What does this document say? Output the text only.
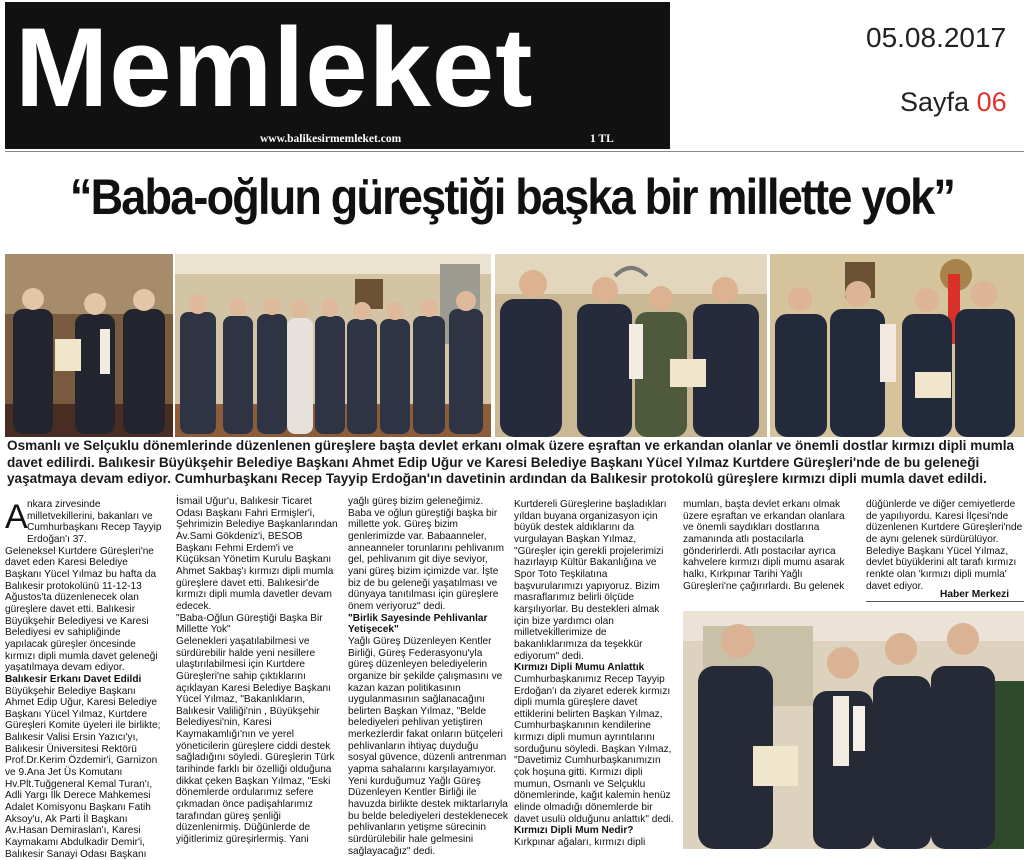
Memleket
www.balikesirmemleket.com	1 TL
05.08.2017
Sayfa 06
“Baba-oğlun güreştiği başka bir millette yok”
Osmanlı ve Selçuklu dönemlerinde düzenlenen güreşlere başta devlet erkanı olmak üzere eşraftan ve erkandan olanlar ve önemli dostlar kırmızı dipli mumla davet edilirdi. Balıkesir Büyükşehir Belediye Başkanı Ahmet Edip Uğur ve Karesi Belediye Başkanı Yücel Yılmaz Kurtdere Güreşleri'nde de bu geleneği yaşatmaya devam ediyor. Cumhurbaşkanı Recep Tayyip Erdoğan'ın davetinin ardından da Balıkesir protokolü güreşlere kırmızı dipli mumla davet edildi.
A nkara zirvesinde milletvekillerini, bakanları ve Cumhurbaşkanı Recep Tayyip Erdoğan'ı 37.
Geleneksel Kurtdere Güreşleri'ne davet eden Karesi Belediye Başkanı Yücel Yılmaz bu hafta da Balıkesir protokolünü 11-12-13 Ağustos'ta düzenlenecek olan güreşlere davet etti. Balıkesir Büyükşehir Belediyesi ve Karesi Belediyesi ev sahipliğinde yapılacak güreşler öncesinde kırmızı dipli mumla davet geleneği yaşatılmaya devam ediyor.
Balıkesir Erkanı Davet Edildi
Büyükşehir Belediye Başkanı Ahmet Edip Uğur, Karesi Belediye Başkanı Yücel Yılmaz, Kurtdere Güreşleri Komite üyeleri ile birlikte; Balıkesir Valisi Ersin Yazıcı'yı, Balıkesir Üniversitesi Rektörü Prof.Dr.Kerim Özdemir'i, Garnizon ve 9.Ana Jet Üs Komutanı Hv.Plt.Tuğgeneral Kemal Turan'ı, Adli Yargı İlk Derece Mahkemesi Adalet Komisyonu Başkanı Fatih Aksoy'u, Ak Parti İl Başkanı Av.Hasan Demiraslan'ı, Karesi Kaymakamı Abdulkadir Demir'i, Balıkesir Sanayi Odası Başkanı
İsmail Uğur'u, Balıkesir Ticaret Odası Başkanı Fahri Ermişler'i, Şehrimizin Belediye Başkanlarından Av.Sami Gökdeniz'i, BESOB Başkanı Fehmi Erdem'i ve Küçüksan Yönetim Kurulu Başkanı Ahmet Sakbaş'ı kırmızı dipli mumla güreşlere davet etti. Balıkesir'de kırmızı dipli mumla davetler devam edecek.
"Baba-Oğlun Güreştiği Başka Bir Millette Yok"
Gelenekleri yaşatılabilmesi ve sürdürebilir halde yeni nesillere ulaştırılabilmesi için Kurtdere Güreşleri'ne sahip çıktıklarını açıklayan Karesi Belediye Başkanı Yücel Yılmaz, "Bakanlıkların, Balıkesir Valiliği'nin , Büyükşehir Belediyesi'nin, Karesi Kaymakamlığı'nın ve yerel yöneticilerin güreşlere ciddi destek sağladığını söyledi. Güreşlerin Türk tarihinde farklı bir özelliği olduğuna dikkat çeken Başkan Yılmaz, "Eski dönemlerde ordularımız sefere çıkmadan önce padişahlarımız tarafından güreş şenliği düzenlenirmiş. Düğünlerde de yiğitlerimiz güreşirlermiş. Yani
yağlı güreş bizim geleneğimiz. Baba ve oğlun güreştiği başka bir millette yok. Güreş bizim genlerimizde var. Babaanneler, anneanneler torunlarını pehlivanım gel, pehlivanım git diye seviyor, yani güreş bizim içimizde var. İşte biz de bu geleneği yaşatılması ve dünyaya tanıtılması için güreşlere önem veriyoruz" dedi.
"Birlik Sayesinde Pehlivanlar Yetişecek"
Yağlı Güreş Düzenleyen Kentler Birliği, Güreş Federasyonu'yla güreş düzenleyen belediyelerin organize bir şekilde çalışmasını ve kazan kazan politikasının uygulanmasının sağlanacağını belirten Başkan Yılmaz, "Belde belediyeleri pehlivan yetiştiren merkezlerdir fakat onların bütçeleri pehlivanların ihtiyaç duyduğu sosyal güvence, düzenli antrenman yapma sahalarını karşılayamıyor. Yeni kurduğumuz Yağlı Güreş Düzenleyen Kentler Birliği ile havuzda birlikte destek miktarlarıyla bu belde belediyeleri desteklenecek pehlivanların yetişme sürecinin sürdürülebilir hale gelmesini sağlayacağız" dedi.
Kurtdereli Güreşlerine başladıkları yıldan buyana organizasyon için büyük destek aldıklarını da vurgulayan Başkan Yılmaz, "Güreşler için gerekli projelerimizi hazırlayıp Kültür Bakanlığına ve Spor Toto Teşkilatına başvurularımızı yapıyoruz. Bizim masraflarımız belirli ölçüde karşılıyorlar. Bu destekleri almak için bize yardımcı olan milletvekillerimize de bakanlıklarımıza da teşekkür ediyorum" dedi.
Kırmızı Dipli Mumu Anlattık
Cumhurbaşkanımız Recep Tayyip Erdoğan'ı da ziyaret ederek kırmızı dipli mumla güreşlere davet ettiklerini belirten Başkan Yılmaz, Cumhurbaşkanının kendilerine kırmızı dipli mumun ayrıntılarını sorduğunu söyledi. Başkan Yılmaz, "Davetimiz Cumhurbaşkanımızın çok hoşuna gitti. Kırmızı dipli mumun, Osmanlı ve Selçuklu dönemlerinde, kağıt kalemin henüz elinde olmadığı dönemlerde bir davet usulü olduğunu anlattık" dedi.
Kırmızı Dipli Mum Nedir?
Kırkpınar ağaları, kırmızı dipli
mumları, başta devlet erkanı olmak üzere eşraftan ve erkandan olanlara ve önemli saydıkları dostlarına zamanında atlı postacılarla gönderirlerdi. Atlı postacılar ayrıca kahvelere kırmızı dipli mumu asarak halkı, Kırkpınar Tarihi Yağlı Güreşleri'ne çağırırlardı. Bu gelenek
düğünlerde ve diğer cemiyetlerde de yapılıyordu. Karesi İlçesi'nde düzenlenen Kurtdere Güreşleri'nde de aynı gelenek sürdürülüyor. Belediye Başkanı Yücel Yılmaz, devlet büyüklerini alt tarafı kırmızı renkte olan 'kırmızı dipli mumla' davet ediyor.
Haber Merkezi
